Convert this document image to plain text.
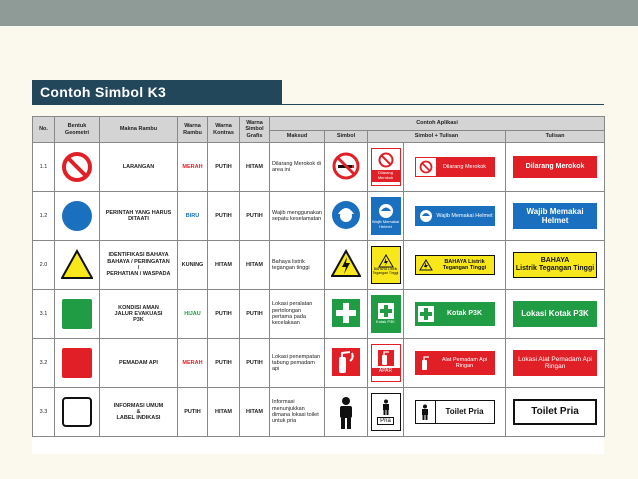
Contoh Simbol K3
No.	Bentuk Geometri	Makna Rambu	Warna Rambu	Warna Kontras	Warna Simbol Grafis	Contoh Aplikasi				
						Maksud	Simbol	Simbol + Tulisan		Tulisan
1.1		LARANGAN	MERAH	PUTIH	HITAM	Dilarang Merokok di area ini		Dilarang Merokok	Dilarang Merokok	Dilarang Merokok

1.2		PERINTAH YANG HARUS DITAATI	BIRU	PUTIH	PUTIH	Wajib menggunakan sepatu keselamatan		Wajib Memakai Helmet	Wajib Memakai Helmet	Wajib Memakai Helmet

2.0		IDENTIFIKASI BAHAYA
BAHAYA / PERINGATAN
/
PERHATIAN / WASPADA	KUNING	HITAM	HITAM	Bahaya listrik tegangan tinggi		BAHAYA Listrik Tegangan Tinggi	BAHAYA Listrik Tegangan Tinggi	BAHAYA
Listrik Tegangan Tinggi

3.1		KONDISI AMAN
JALUR EVAKUASI
P3K	HIJAU	PUTIH	PUTIH	Lokasi peralatan pertolongan pertama pada kecelakaan		Kotak P3K	Kotak P3K	Lokasi Kotak P3K

3.2		PEMADAM API	MERAH	PUTIH	PUTIH	Lokasi penempatan tabung pemadam api		APAR	Alat Pemadam Api Ringan	Lokasi Alat Pemadam Api Ringan

3.3		INFORMASI UMUM
&
LABEL INDIKASI	PUTIH	HITAM	HITAM	Informasi menunjukkan dimana lokasi toilet untuk pria		Pria	Toilet Pria	Toilet Pria
